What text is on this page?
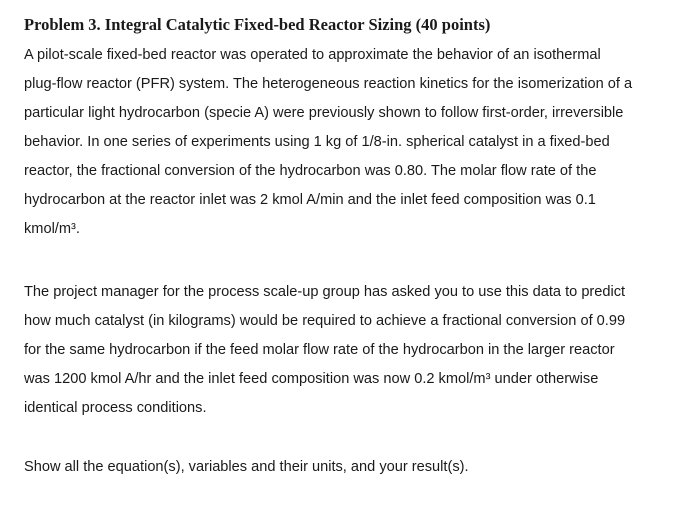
Problem 3. Integral Catalytic Fixed-bed Reactor Sizing (40 points)

A pilot-scale fixed-bed reactor was operated to approximate the behavior of an isothermal
plug-flow reactor (PFR) system. The heterogeneous reaction kinetics for the isomerization of a
particular light hydrocarbon (specie A) were previously shown to follow first-order, irreversible
behavior. In one series of experiments using 1 kg of 1/8-in. spherical catalyst in a fixed-bed
reactor, the fractional conversion of the hydrocarbon was 0.80. The molar flow rate of the
hydrocarbon at the reactor inlet was 2 kmol A/min and the inlet feed composition was 0.1
kmol/m³.

The project manager for the process scale-up group has asked you to use this data to predict
how much catalyst (in kilograms) would be required to achieve a fractional conversion of 0.99
for the same hydrocarbon if the feed molar flow rate of the hydrocarbon in the larger reactor
was 1200 kmol A/hr and the inlet feed composition was now 0.2 kmol/m³ under otherwise
identical process conditions.

Show all the equation(s), variables and their units, and your result(s).
